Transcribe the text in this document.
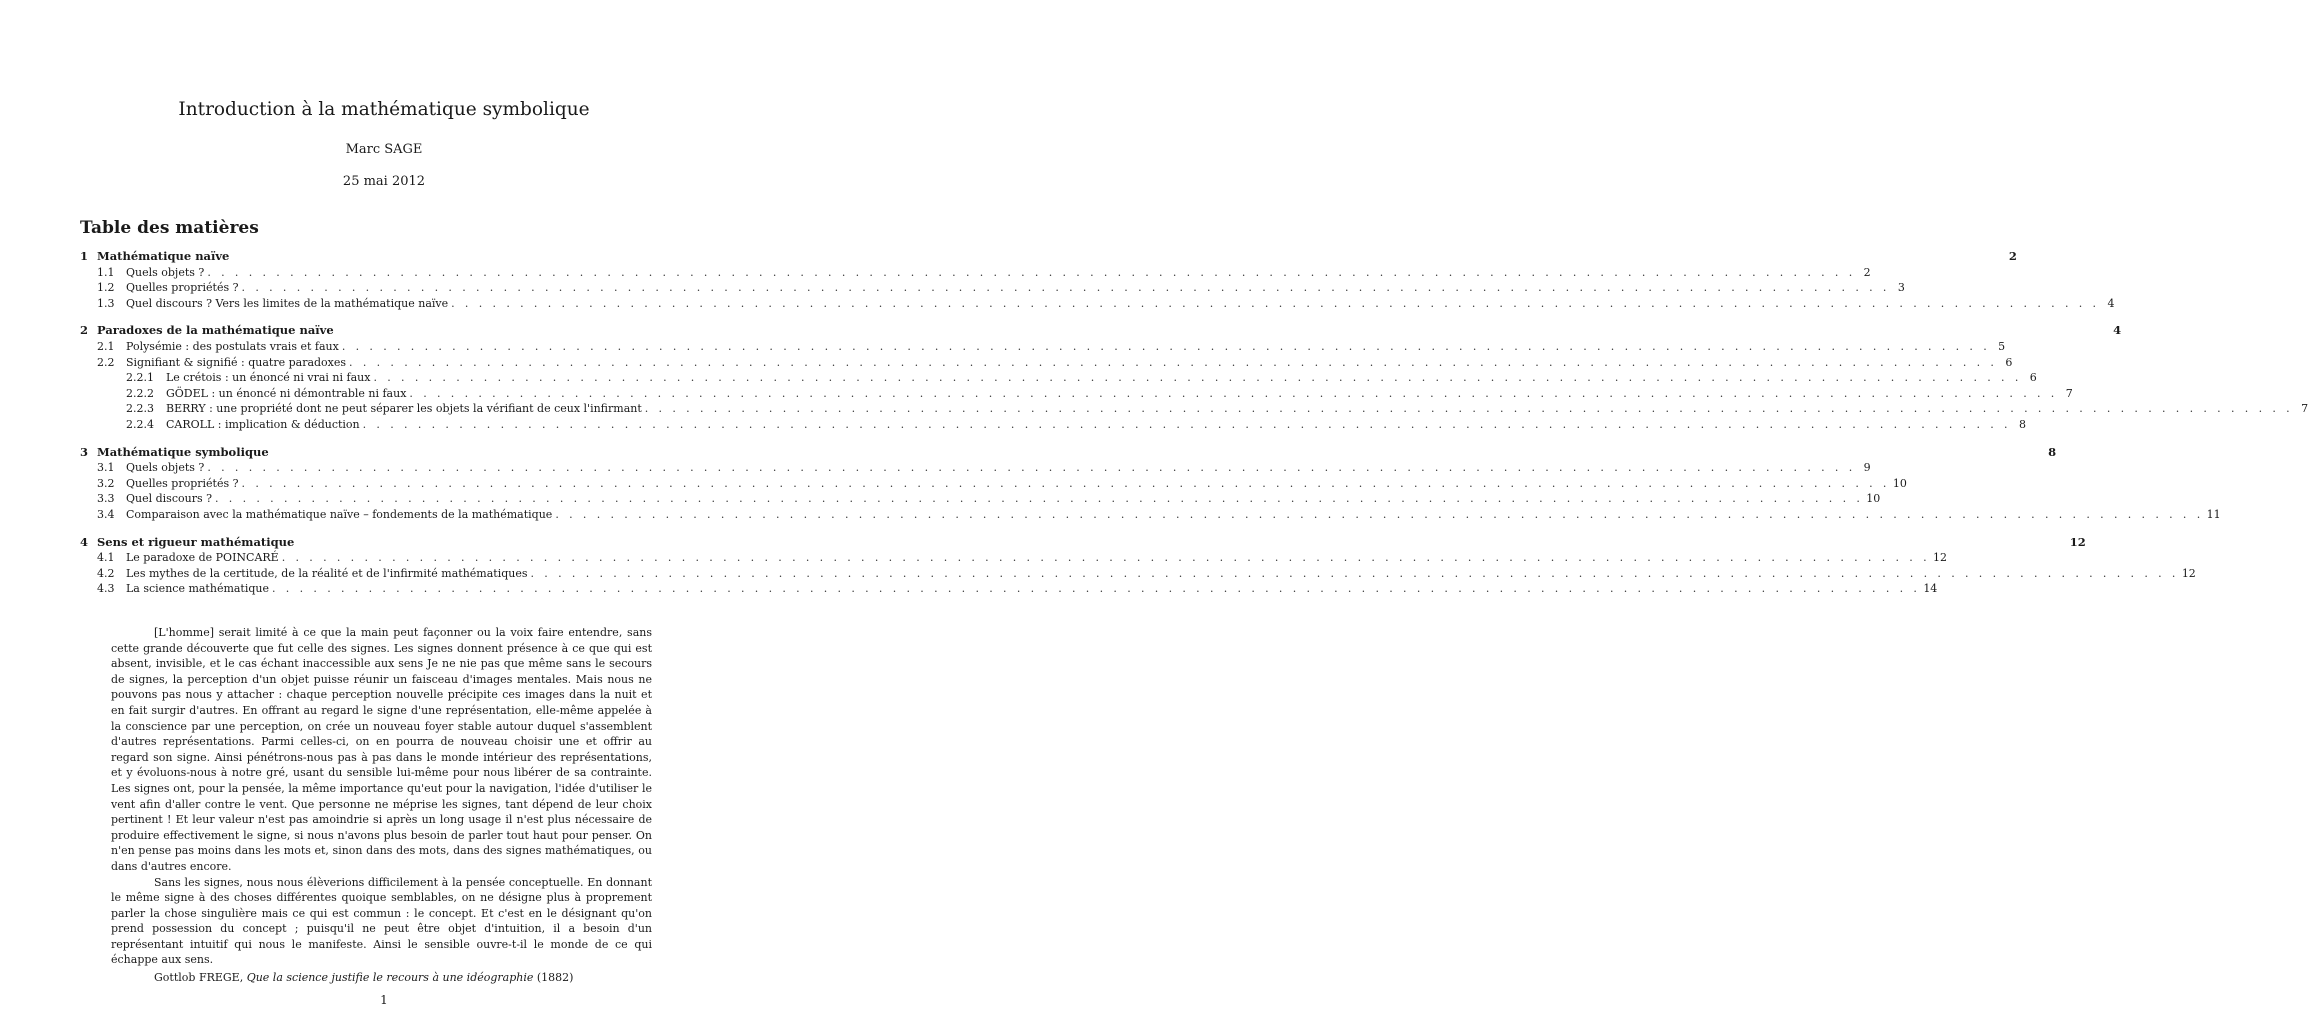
Introduction à la mathématique symbolique
Marc SAGE
25 mai 2012
Table des matières
1 Mathématique naïve	2
1.1	Quels objets ? . . . . . . . . . . . . . . . . . . . . . . . . . . . . . . . . . . . . . . . . . . . . . . . . . . . . . . . . . . . . . . . . . . . . . . . . . . . . . . . . . . . . . . . . . . . . . . . . . . . . . . . . . . . . . . . . . . . . . . . . 2
1.2	Quelles propriétés ? . . . . . . . . . . . . . . . . . . . . . . . . . . . . . . . . . . . . . . . . . . . . . . . . . . . . . . . . . . . . . . . . . . . . . . . . . . . . . . . . . . . . . . . . . . . . . . . . . . . . . . . . . . . . . . . . . . . . . . . . 3
1.3	Quel discours ? Vers les limites de la mathématique naïve . . . . . . . . . . . . . . . . . . . . . . . . . . . . . . . . . . . . . . . . . . . . . . . . . . . . . . . . . . . . . . . . . . . . . . . . . . . . . . . . . . . . . . . . . . . . . . . . . . . . . . . . . . . . . . . . . . . . . . . . 4
2 Paradoxes de la mathématique naïve	4
2.1	Polysémie : des postulats vrais et faux . . . . . . . . . . . . . . . . . . . . . . . . . . . . . . . . . . . . . . . . . . . . . . . . . . . . . . . . . . . . . . . . . . . . . . . . . . . . . . . . . . . . . . . . . . . . . . . . . . . . . . . . . . . . . . . . . . . . . . . . 5
2.2	Signifiant & signifié : quatre paradoxes . . . . . . . . . . . . . . . . . . . . . . . . . . . . . . . . . . . . . . . . . . . . . . . . . . . . . . . . . . . . . . . . . . . . . . . . . . . . . . . . . . . . . . . . . . . . . . . . . . . . . . . . . . . . . . . . . . . . . . . . 6
2.2.1	Le crétois : un énoncé ni vrai ni faux . . . . . . . . . . . . . . . . . . . . . . . . . . . . . . . . . . . . . . . . . . . . . . . . . . . . . . . . . . . . . . . . . . . . . . . . . . . . . . . . . . . . . . . . . . . . . . . . . . . . . . . . . . . . . . . . . . . . . . . . 6
2.2.2	GÖDEL : un énoncé ni démontrable ni faux . . . . . . . . . . . . . . . . . . . . . . . . . . . . . . . . . . . . . . . . . . . . . . . . . . . . . . . . . . . . . . . . . . . . . . . . . . . . . . . . . . . . . . . . . . . . . . . . . . . . . . . . . . . . . . . . . . . . . . . . 7
2.2.3	BERRY : une propriété dont ne peut séparer les objets la vérifiant de ceux l'infirmant . . . . . . . . . . . . . . . . . . . . . . . . . . . . . . . . . . . . . . . . . . . . . . . . . . . . . . . . . . . . . . . . . . . . . . . . . . . . . . . . . . . . . . . . . . . . . . . . . . . . . . . . . . . . . . . . . . . . . . . . 7
2.2.4	CAROLL : implication & déduction . . . . . . . . . . . . . . . . . . . . . . . . . . . . . . . . . . . . . . . . . . . . . . . . . . . . . . . . . . . . . . . . . . . . . . . . . . . . . . . . . . . . . . . . . . . . . . . . . . . . . . . . . . . . . . . . . . . . . . . . 8
3 Mathématique symbolique	8
3.1	Quels objets ? . . . . . . . . . . . . . . . . . . . . . . . . . . . . . . . . . . . . . . . . . . . . . . . . . . . . . . . . . . . . . . . . . . . . . . . . . . . . . . . . . . . . . . . . . . . . . . . . . . . . . . . . . . . . . . . . . . . . . . . . 9
3.2	Quelles propriétés ? . . . . . . . . . . . . . . . . . . . . . . . . . . . . . . . . . . . . . . . . . . . . . . . . . . . . . . . . . . . . . . . . . . . . . . . . . . . . . . . . . . . . . . . . . . . . . . . . . . . . . . . . . . . . . . . . . . . . . . . . 10
3.3	Quel discours ? . . . . . . . . . . . . . . . . . . . . . . . . . . . . . . . . . . . . . . . . . . . . . . . . . . . . . . . . . . . . . . . . . . . . . . . . . . . . . . . . . . . . . . . . . . . . . . . . . . . . . . . . . . . . . . . . . . . . . . . . 10
3.4	Comparaison avec la mathématique naïve – fondements de la mathématique . . . . . . . . . . . . . . . . . . . . . . . . . . . . . . . . . . . . . . . . . . . . . . . . . . . . . . . . . . . . . . . . . . . . . . . . . . . . . . . . . . . . . . . . . . . . . . . . . . . . . . . . . . . . . . . . . . . . . . . . 11
4 Sens et rigueur mathématique	12
4.1	Le paradoxe de POINCARÉ . . . . . . . . . . . . . . . . . . . . . . . . . . . . . . . . . . . . . . . . . . . . . . . . . . . . . . . . . . . . . . . . . . . . . . . . . . . . . . . . . . . . . . . . . . . . . . . . . . . . . . . . . . . . . . . . . . . . . . . . 12
4.2	Les mythes de la certitude, de la réalité et de l'infirmité mathématiques . . . . . . . . . . . . . . . . . . . . . . . . . . . . . . . . . . . . . . . . . . . . . . . . . . . . . . . . . . . . . . . . . . . . . . . . . . . . . . . . . . . . . . . . . . . . . . . . . . . . . . . . . . . . . . . . . . . . . . . . 12
4.3	La science mathématique . . . . . . . . . . . . . . . . . . . . . . . . . . . . . . . . . . . . . . . . . . . . . . . . . . . . . . . . . . . . . . . . . . . . . . . . . . . . . . . . . . . . . . . . . . . . . . . . . . . . . . . . . . . . . . . . . . . . . . . . 14

[L'homme] serait limité à ce que la main peut façonner ou la voix faire entendre, sans cette grande découverte que fut celle des signes. Les signes donnent présence à ce que qui est absent, invisible, et le cas échant inaccessible aux sens Je ne nie pas que même sans le secours de signes, la perception d'un objet puisse réunir un faisceau d'images mentales. Mais nous ne pouvons pas nous y attacher : chaque perception nouvelle précipite ces images dans la nuit et en fait surgir d'autres. En offrant au regard le signe d'une représentation, elle-même appelée à la conscience par une perception, on crée un nouveau foyer stable autour duquel s'assemblent d'autres représentations. Parmi celles-ci, on en pourra de nouveau choisir une et offrir au regard son signe. Ainsi pénétrons-nous pas à pas dans le monde intérieur des représentations, et y évoluons-nous à notre gré, usant du sensible lui-même pour nous libérer de sa contrainte. Les signes ont, pour la pensée, la même importance qu'eut pour la navigation, l'idée d'utiliser le vent afin d'aller contre le vent. Que personne ne méprise les signes, tant dépend de leur choix pertinent ! Et leur valeur n'est pas amoindrie si après un long usage il n'est plus nécessaire de produire effectivement le signe, si nous n'avons plus besoin de parler tout haut pour penser. On n'en pense pas moins dans les mots et, sinon dans des mots, dans des signes mathématiques, ou dans d'autres encore.

Sans les signes, nous nous élèverions difficilement à la pensée conceptuelle. En donnant le même signe à des choses différentes quoique semblables, on ne désigne plus à proprement parler la chose singulière mais ce qui est commun : le concept. Et c'est en le désignant qu'on prend possession du concept ; puisqu'il ne peut être objet d'intuition, il a besoin d'un représentant intuitif qui nous le manifeste. Ainsi le sensible ouvre-t-il le monde de ce qui échappe aux sens.

Gottlob FREGE, Que la science justifie le recours à une idéographie (1882)

1
